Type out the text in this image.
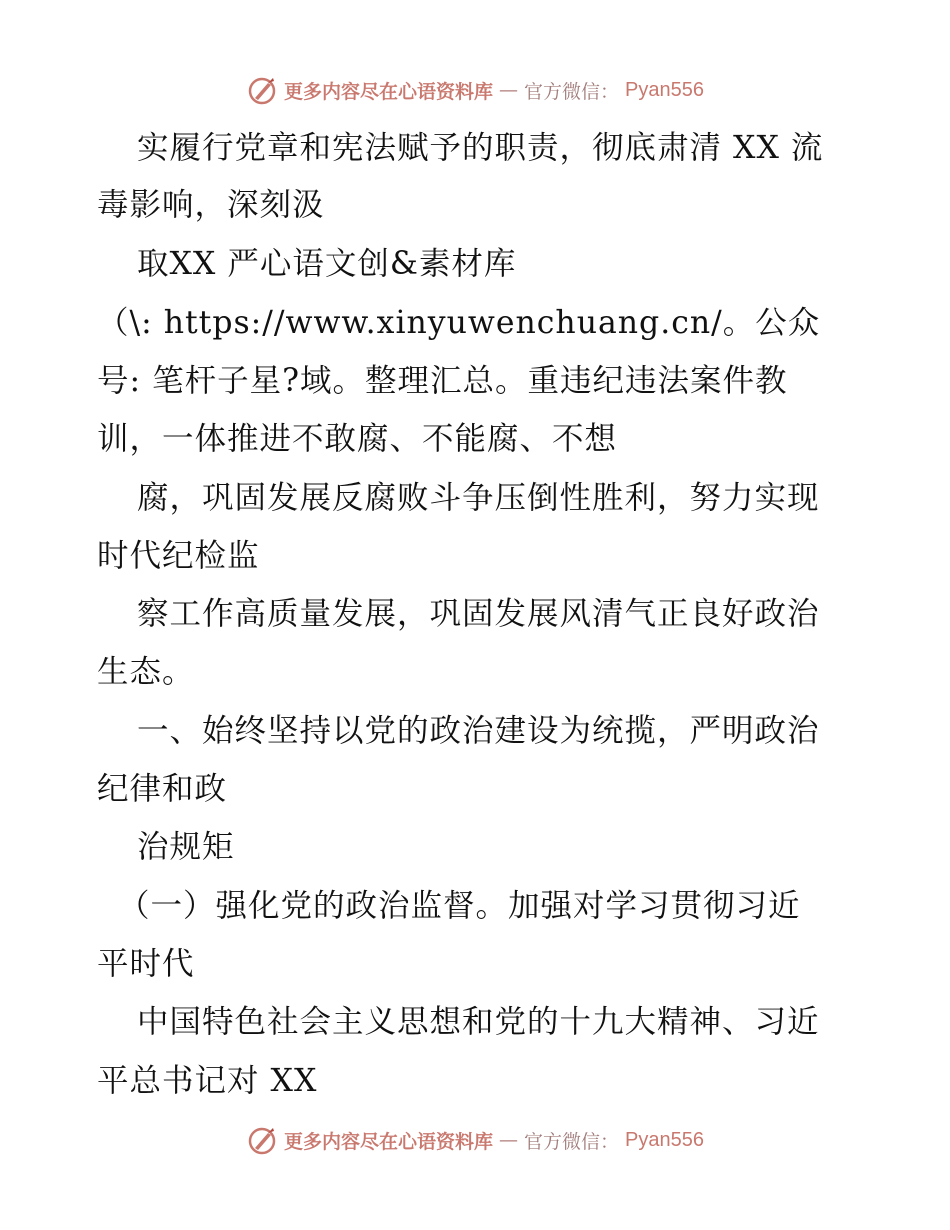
更多内容尽在心语资料库 — 官方微信： Pyan556
实履行党章和宪法赋予的职责，彻底肃清 XX 流
毒影响，深刻汲
取XX 严心语文创&素材库
（\: https://www.xinyuwenchuang.cn/。公众
号: 笔杆子星?域。整理汇总。重违纪违法案件教
训，一体推进不敢腐、不能腐、不想
腐，巩固发展反腐败斗争压倒性胜利，努力实现
时代纪检监
察工作高质量发展，巩固发展风清气正良好政治
生态。
一、始终坚持以党的政治建设为统揽，严明政治
纪律和政
治规矩
（一）强化党的政治监督。加强对学习贯彻习近
平时代
中国特色社会主义思想和党的十九大精神、习近
平总书记对 XX
更多内容尽在心语资料库 — 官方微信： Pyan556
